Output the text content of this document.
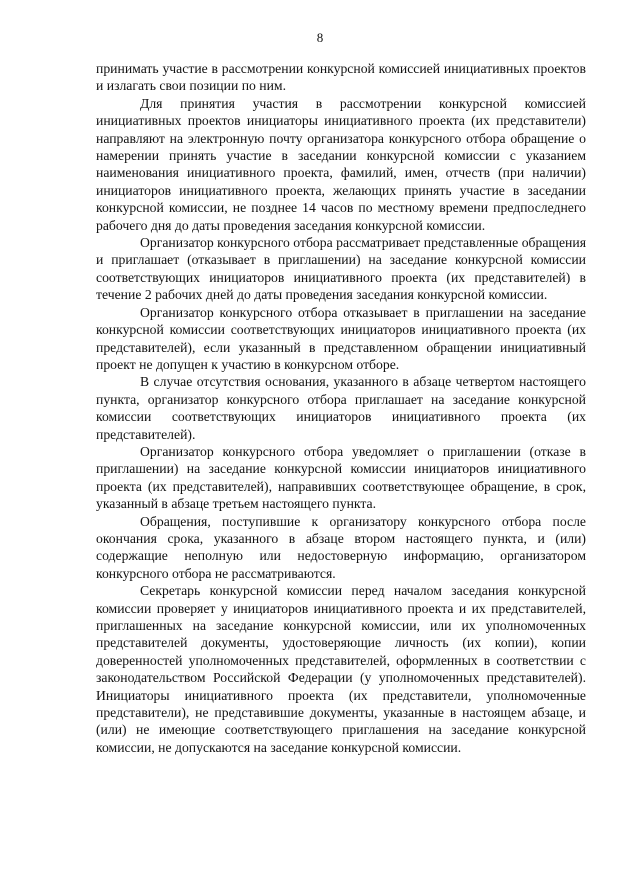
8

принимать участие в рассмотрении конкурсной комиссией инициативных проектов и излагать свои позиции по ним.

Для принятия участия в рассмотрении конкурсной комиссией инициативных проектов инициаторы инициативного проекта (их представители) направляют на электронную почту организатора конкурсного отбора обращение о намерении принять участие в заседании конкурсной комиссии с указанием наименования инициативного проекта, фамилий, имен, отчеств (при наличии) инициаторов инициативного проекта, желающих принять участие в заседании конкурсной комиссии, не позднее 14 часов по местному времени предпоследнего рабочего дня до даты проведения заседания конкурсной комиссии.

Организатор конкурсного отбора рассматривает представленные обращения и приглашает (отказывает в приглашении) на заседание конкурсной комиссии соответствующих инициаторов инициативного проекта (их представителей) в течение 2 рабочих дней до даты проведения заседания конкурсной комиссии.

Организатор конкурсного отбора отказывает в приглашении на заседание конкурсной комиссии соответствующих инициаторов инициативного проекта (их представителей), если указанный в представленном обращении инициативный проект не допущен к участию в конкурсном отборе.

В случае отсутствия основания, указанного в абзаце четвертом настоящего пункта, организатор конкурсного отбора приглашает на заседание конкурсной комиссии соответствующих инициаторов инициативного проекта (их представителей).

Организатор конкурсного отбора уведомляет о приглашении (отказе в приглашении) на заседание конкурсной комиссии инициаторов инициативного проекта (их представителей), направивших соответствующее обращение, в срок, указанный в абзаце третьем настоящего пункта.

Обращения, поступившие к организатору конкурсного отбора после окончания срока, указанного в абзаце втором настоящего пункта, и (или) содержащие неполную или недостоверную информацию, организатором конкурсного отбора не рассматриваются.

Секретарь конкурсной комиссии перед началом заседания конкурсной комиссии проверяет у инициаторов инициативного проекта и их представителей, приглашенных на заседание конкурсной комиссии, или их уполномоченных представителей документы, удостоверяющие личность (их копии), копии доверенностей уполномоченных представителей, оформленных в соответствии с законодательством Российской Федерации (у уполномоченных представителей). Инициаторы инициативного проекта (их представители, уполномоченные представители), не представившие документы, указанные в настоящем абзаце, и (или) не имеющие соответствующего приглашения на заседание конкурсной комиссии, не допускаются на заседание конкурсной комиссии.
